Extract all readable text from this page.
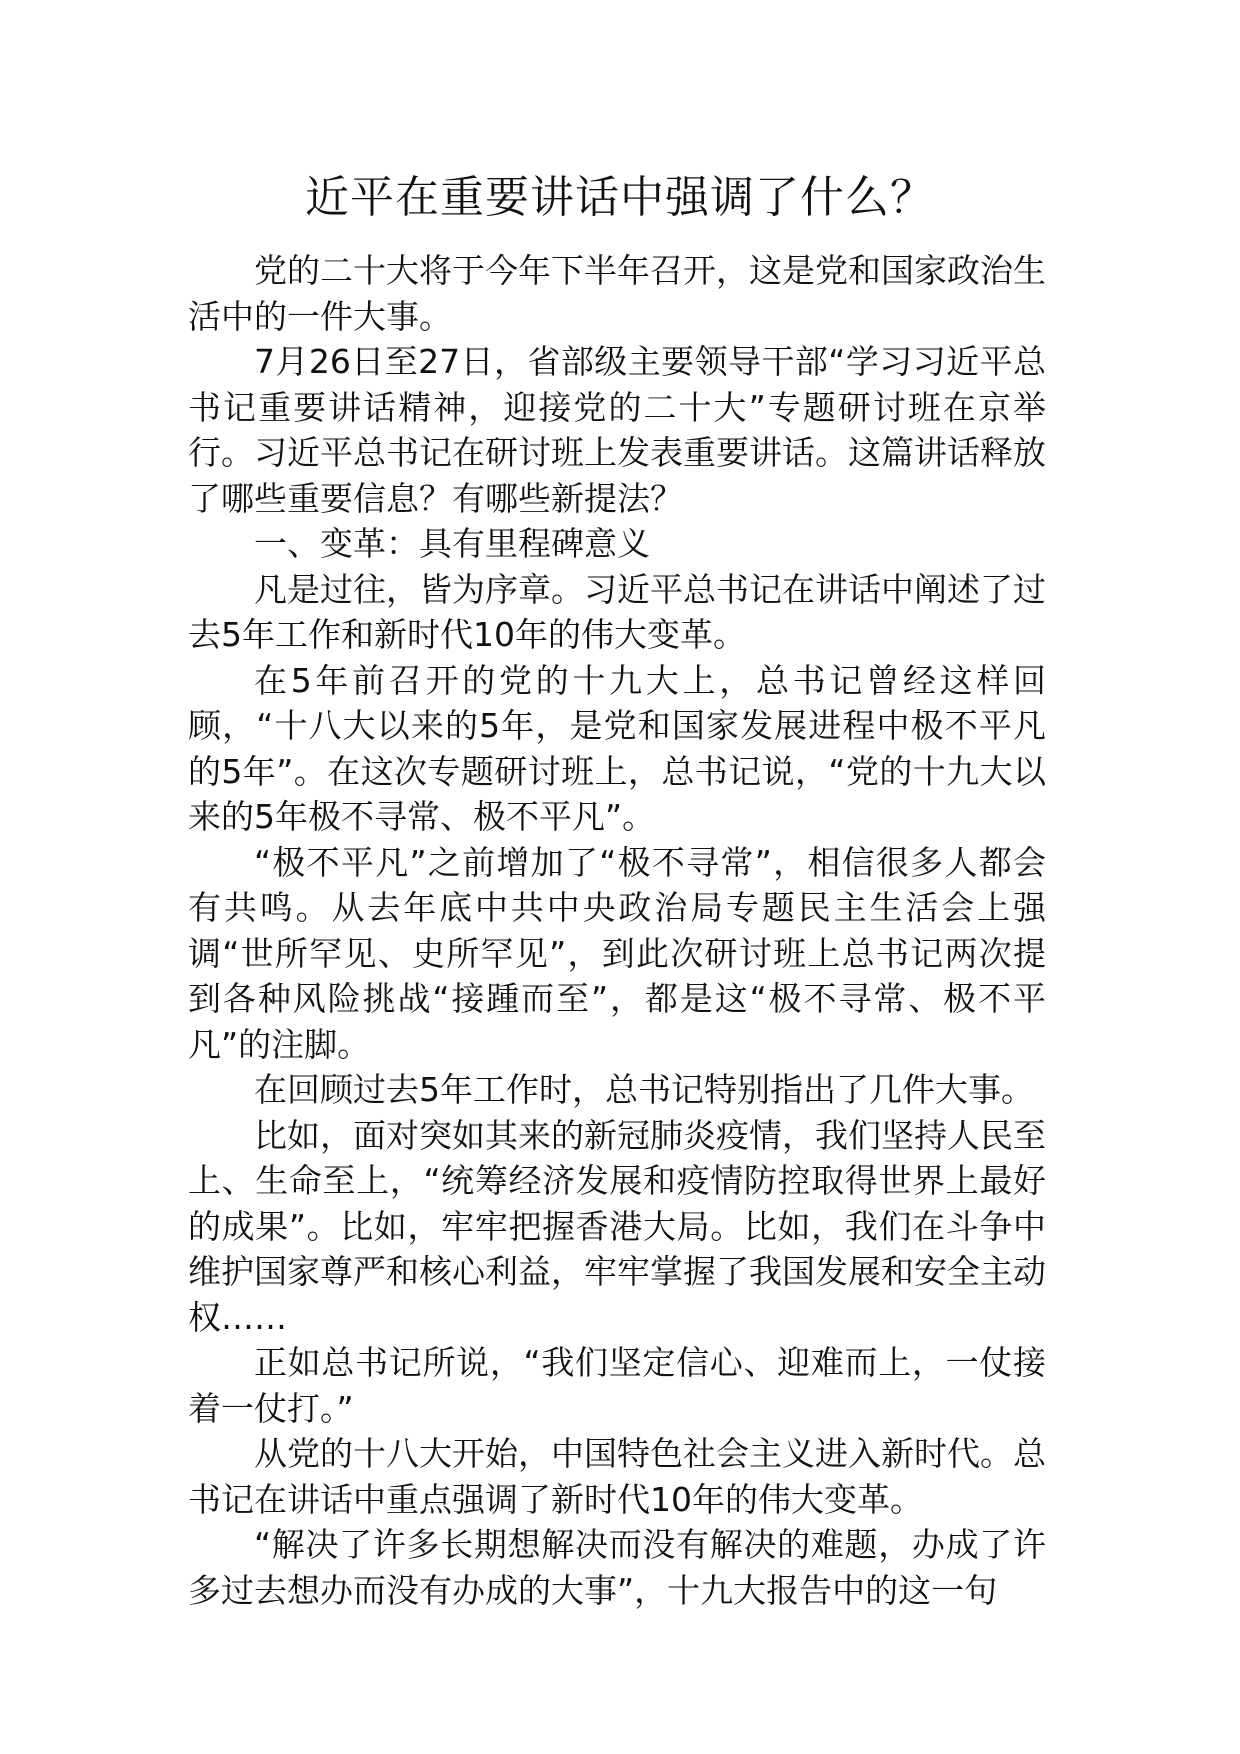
近平在重要讲话中强调了什么？

党的二十大将于今年下半年召开，这是党和国家政治生活中的一件大事。

7月26日至27日，省部级主要领导干部“学习习近平总书记重要讲话精神，迎接党的二十大”专题研讨班在京举行。习近平总书记在研讨班上发表重要讲话。这篇讲话释放了哪些重要信息？有哪些新提法？

一、变革：具有里程碑意义

凡是过往，皆为序章。习近平总书记在讲话中阐述了过去5年工作和新时代10年的伟大变革。

在5年前召开的党的十九大上，总书记曾经这样回顾，“十八大以来的5年，是党和国家发展进程中极不平凡的5年”。在这次专题研讨班上，总书记说，“党的十九大以来的5年极不寻常、极不平凡”。

“极不平凡”之前增加了“极不寻常”，相信很多人都会有共鸣。从去年底中共中央政治局专题民主生活会上强调“世所罕见、史所罕见”，到此次研讨班上总书记两次提到各种风险挑战“接踵而至”，都是这“极不寻常、极不平凡”的注脚。

在回顾过去5年工作时，总书记特别指出了几件大事。

比如，面对突如其来的新冠肺炎疫情，我们坚持人民至上、生命至上，“统筹经济发展和疫情防控取得世界上最好的成果”。比如，牢牢把握香港大局。比如，我们在斗争中维护国家尊严和核心利益，牢牢掌握了我国发展和安全主动权……

正如总书记所说，“我们坚定信心、迎难而上，一仗接着一仗打。”

从党的十八大开始，中国特色社会主义进入新时代。总书记在讲话中重点强调了新时代10年的伟大变革。

“解决了许多长期想解决而没有解决的难题，办成了许多过去想办而没有办成的大事”，十九大报告中的这一句
